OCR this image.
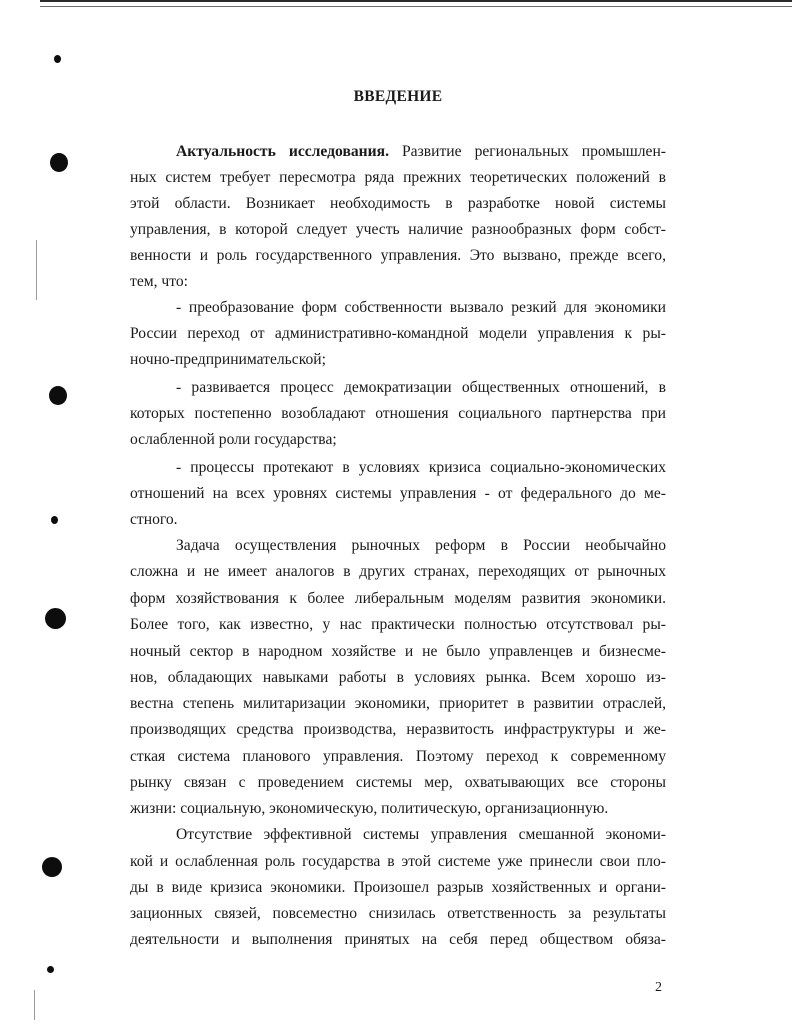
ВВЕДЕНИЕ
Актуальность исследования. Развитие региональных промышлен-
ных систем требует пересмотра ряда прежних теоретических положений в
этой области. Возникает необходимость в разработке новой системы
управления, в которой следует учесть наличие разнообразных форм собст-
венности и роль государственного управления. Это вызвано, прежде всего,
тем, что:
- преобразование форм собственности вызвало резкий для экономики
России переход от административно-командной модели управления к ры-
ночно-предпринимательской;
- развивается процесс демократизации общественных отношений, в
которых постепенно возобладают отношения социального партнерства при
ослабленной роли государства;
- процессы протекают в условиях кризиса социально-экономических
отношений на всех уровнях системы управления - от федерального до ме-
стного.
Задача осуществления рыночных реформ в России необычайно
сложна и не имеет аналогов в других странах, переходящих от рыночных
форм хозяйствования к более либеральным моделям развития экономики.
Более того, как известно, у нас практически полностью отсутствовал ры-
ночный сектор в народном хозяйстве и не было управленцев и бизнесме-
нов, обладающих навыками работы в условиях рынка. Всем хорошо из-
вестна степень милитаризации экономики, приоритет в развитии отраслей,
производящих средства производства, неразвитость инфраструктуры и же-
сткая система планового управления. Поэтому переход к современному
рынку связан с проведением системы мер, охватывающих все стороны
жизни: социальную, экономическую, политическую, организационную.
Отсутствие эффективной системы управления смешанной экономи-
кой и ослабленная роль государства в этой системе уже принесли свои пло-
ды в виде кризиса экономики. Произошел разрыв хозяйственных и органи-
зационных связей, повсеместно снизилась ответственность за результаты
деятельности и выполнения принятых на себя перед обществом обяза-
2
